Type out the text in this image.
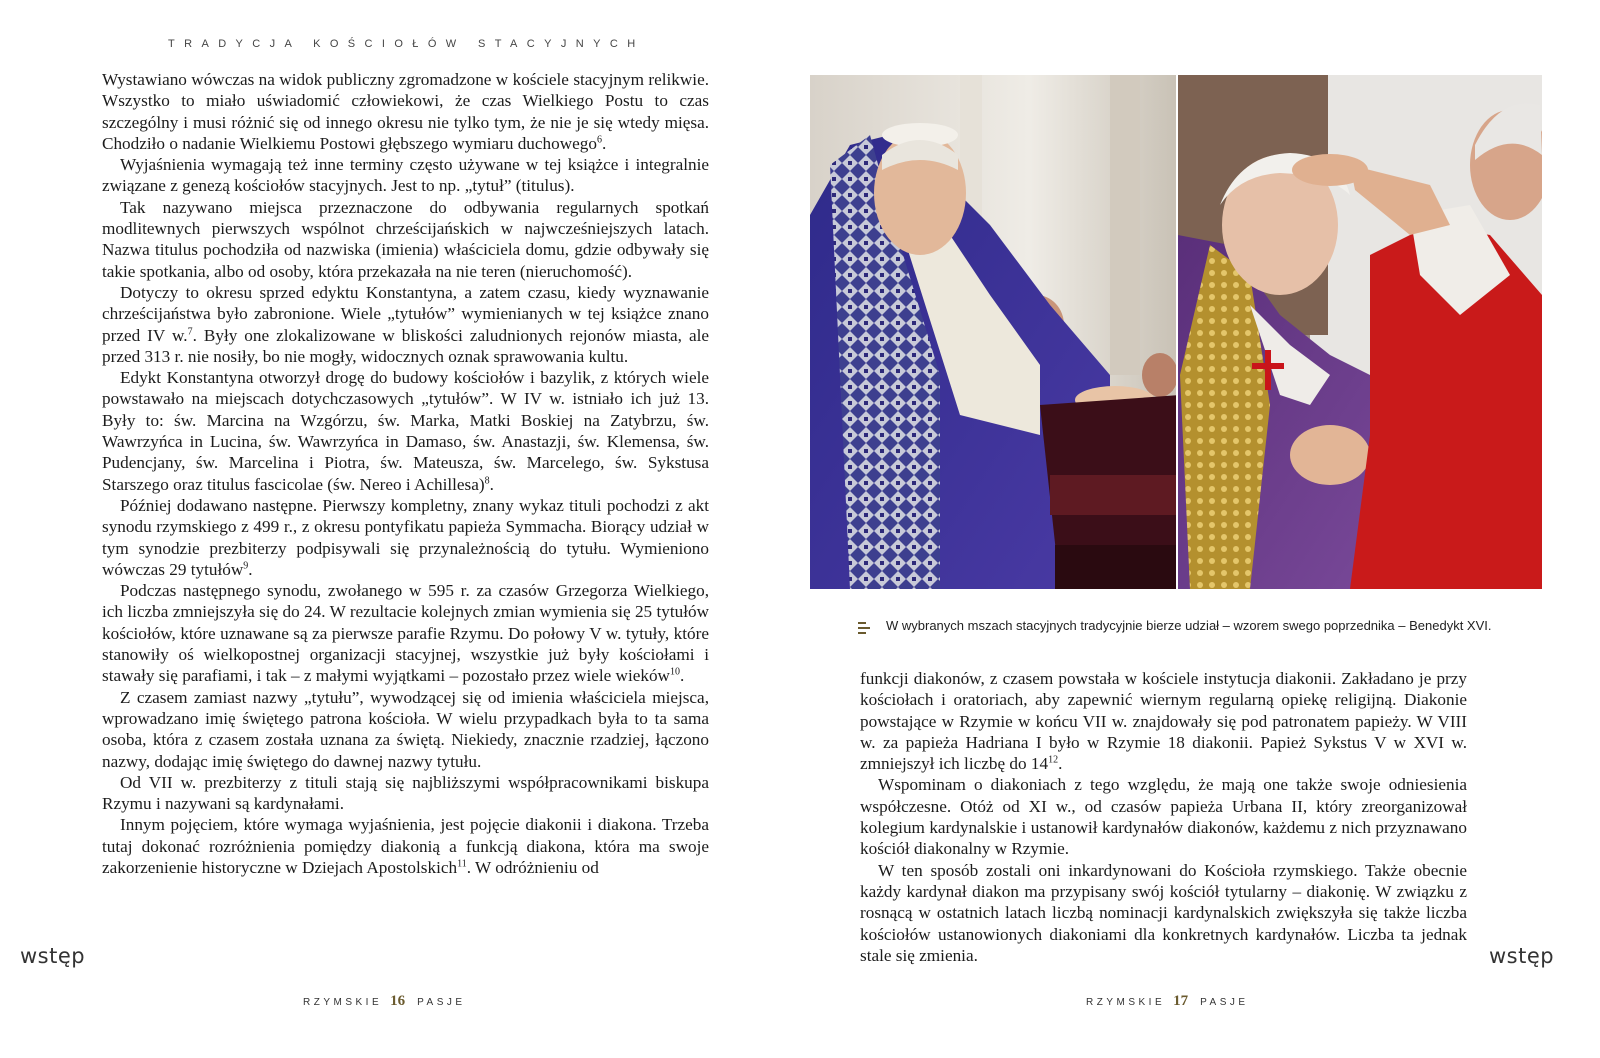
TRADYCJA KOŚCIOŁÓW STACYJNYCH

Wystawiano wówczas na widok publiczny zgromadzone w kościele stacyjnym relikwie. Wszystko to miało uświadomić człowiekowi, że czas Wielkiego Postu to czas szczególny i musi różnić się od innego okresu nie tylko tym, że nie je się wtedy mięsa. Chodziło o nadanie Wielkiemu Postowi głębszego wymiaru duchowego$^6$.

Wyjaśnienia wymagają też inne terminy często używane w tej książce i integralnie związane z genezą kościołów stacyjnych. Jest to np. „tytuł” (titulus).

Tak nazywano miejsca przeznaczone do odbywania regularnych spotkań modlitewnych pierwszych wspólnot chrześcijańskich w najwcześniejszych latach. Nazwa titulus pochodziła od nazwiska (imienia) właściciela domu, gdzie odbywały się takie spotkania, albo od osoby, która przekazała na nie teren (nieruchomość).

Dotyczy to okresu sprzed edyktu Konstantyna, a zatem czasu, kiedy wyznawanie chrześcijaństwa było zabronione. Wiele „tytułów” wymienianych w tej książce znano przed IV w.$^7$. Były one zlokalizowane w bliskości zaludnionych rejonów miasta, ale przed 313 r. nie nosiły, bo nie mogły, widocznych oznak sprawowania kultu.

Edykt Konstantyna otworzył drogę do budowy kościołów i bazylik, z których wiele powstawało na miejscach dotychczasowych „tytułów”. W IV w. istniało ich już 13. Były to: św. Marcina na Wzgórzu, św. Marka, Matki Boskiej na Zatybrzu, św. Wawrzyńca in Lucina, św. Wawrzyńca in Damaso, św. Anastazji, św. Klemensa, św. Pudencjany, św. Marcelina i Piotra, św. Mateusza, św. Marcelego, św. Sykstusa Starszego oraz titulus fascicolae (św. Nereo i Achillesa)$^8$.

Później dodawano następne. Pierwszy kompletny, znany wykaz tituli pochodzi z akt synodu rzymskiego z 499 r., z okresu pontyfikatu papieża Symmacha. Biorący udział w tym synodzie prezbiterzy podpisywali się przynależnością do tytułu. Wymieniono wówczas 29 tytułów$^9$.

Podczas następnego synodu, zwołanego w 595 r. za czasów Grzegorza Wielkiego, ich liczba zmniejszyła się do 24. W rezultacie kolejnych zmian wymienia się 25 tytułów kościołów, które uznawane są za pierwsze parafie Rzymu. Do połowy V w. tytuły, które stanowiły oś wielkopostnej organizacji stacyjnej, wszystkie już były kościołami i stawały się parafiami, i tak – z małymi wyjątkami – pozostało przez wiele wieków$^{10}$.

Z czasem zamiast nazwy „tytułu”, wywodzącej się od imienia właściciela miejsca, wprowadzano imię świętego patrona kościoła. W wielu przypadkach była to ta sama osoba, która z czasem została uznana za świętą. Niekiedy, znacznie rzadziej, łączono nazwy, dodając imię świętego do dawnej nazwy tytułu.

Od VII w. prezbiterzy z tituli stają się najbliższymi współpracownikami biskupa Rzymu i nazywani są kardynałami.

Innym pojęciem, które wymaga wyjaśnienia, jest pojęcie diakonii i diakona. Trzeba tutaj dokonać rozróżnienia pomiędzy diakonią a funkcją diakona, która ma swoje zakorzenienie historyczne w Dziejach Apostolskich$^{11}$. W odróżnieniu od

wstęp
RZYMSKIE 16 PASJE
W wybranych mszach stacyjnych tradycyjnie bierze udział – wzorem swego poprzednika – Benedykt XVI.

funkcji diakonów, z czasem powstała w kościele instytucja diakonii. Zakładano je przy kościołach i oratoriach, aby zapewnić wiernym regularną opiekę religijną. Diakonie powstające w Rzymie w końcu VII w. znajdowały się pod patronatem papieży. W VIII w. za papieża Hadriana I było w Rzymie 18 diakonii. Papież Sykstus V w XVI w. zmniejszył ich liczbę do $14^{12}$.

Wspominam o diakoniach z tego względu, że mają one także swoje odniesienia współczesne. Otóż od XI w., od czasów papieża Urbana II, który zreorganizował kolegium kardynalskie i ustanowił kardynałów diakonów, każdemu z nich przyznawano kościół diakonalny w Rzymie.

W ten sposób zostali oni inkardynowani do Kościoła rzymskiego. Także obecnie każdy kardynał diakon ma przypisany swój kościół tytularny – diakonię. W związku z rosnącą w ostatnich latach liczbą nominacji kardynalskich zwiększyła się także liczba kościołów ustanowionych diakoniami dla konkretnych kardynałów. Liczba ta jednak stale się zmienia.	wstęp
RZYMSKIE 17 PASJE
